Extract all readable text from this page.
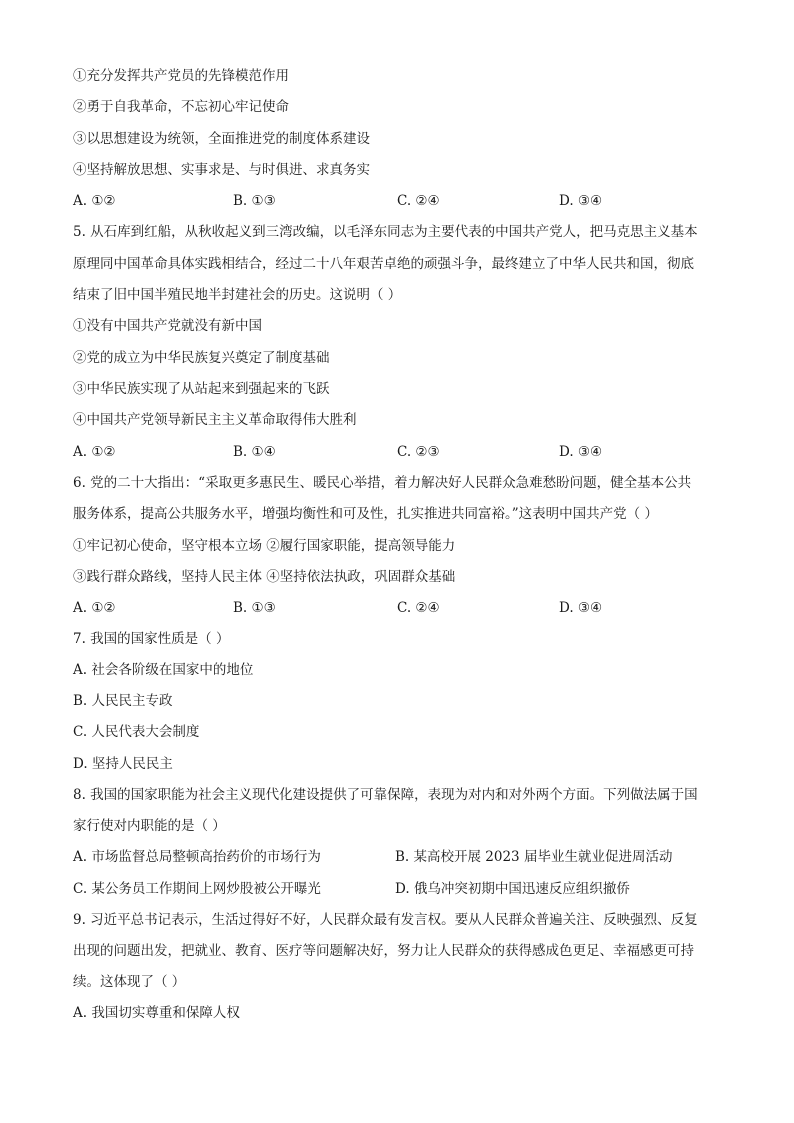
①充分发挥共产党员的先锋模范作用
②勇于自我革命，不忘初心牢记使命
③以思想建设为统领，全面推进党的制度体系建设
④坚持解放思想、实事求是、与时俱进、求真务实
A. ①②	B. ①③	C. ②④	D. ③④
5. 从石库到红船，从秋收起义到三湾改编，以毛泽东同志为主要代表的中国共产党人，把马克思主义基本
原理同中国革命具体实践相结合，经过二十八年艰苦卓绝的顽强斗争，最终建立了中华人民共和国，彻底
结束了旧中国半殖民地半封建社会的历史。这说明（ ）
①没有中国共产党就没有新中国
②党的成立为中华民族复兴奠定了制度基础
③中华民族实现了从站起来到强起来的飞跃
④中国共产党领导新民主主义革命取得伟大胜利
A. ①②	B. ①④	C. ②③	D. ③④
6. 党的二十大指出：“采取更多惠民生、暖民心举措，着力解决好人民群众急难愁盼问题，健全基本公共
服务体系，提高公共服务水平，增强均衡性和可及性，扎实推进共同富裕。”这表明中国共产党（ ）
①牢记初心使命，坚守根本立场 ②履行国家职能，提高领导能力
③践行群众路线，坚持人民主体 ④坚持依法执政，巩固群众基础
A. ①②	B. ①③	C. ②④	D. ③④
7. 我国的国家性质是（ ）
A. 社会各阶级在国家中的地位
B. 人民民主专政
C. 人民代表大会制度
D. 坚持人民民主
8. 我国的国家职能为社会主义现代化建设提供了可靠保障，表现为对内和对外两个方面。下列做法属于国
家行使对内职能的是（ ）
A. 市场监督总局整顿高抬药价的市场行为	B. 某高校开展 2023 届毕业生就业促进周活动
C. 某公务员工作期间上网炒股被公开曝光	D. 俄乌冲突初期中国迅速反应组织撤侨
9. 习近平总书记表示，生活过得好不好，人民群众最有发言权。要从人民群众普遍关注、反映强烈、反复
出现的问题出发，把就业、教育、医疗等问题解决好，努力让人民群众的获得感成色更足、幸福感更可持
续。这体现了（ ）
A. 我国切实尊重和保障人权
